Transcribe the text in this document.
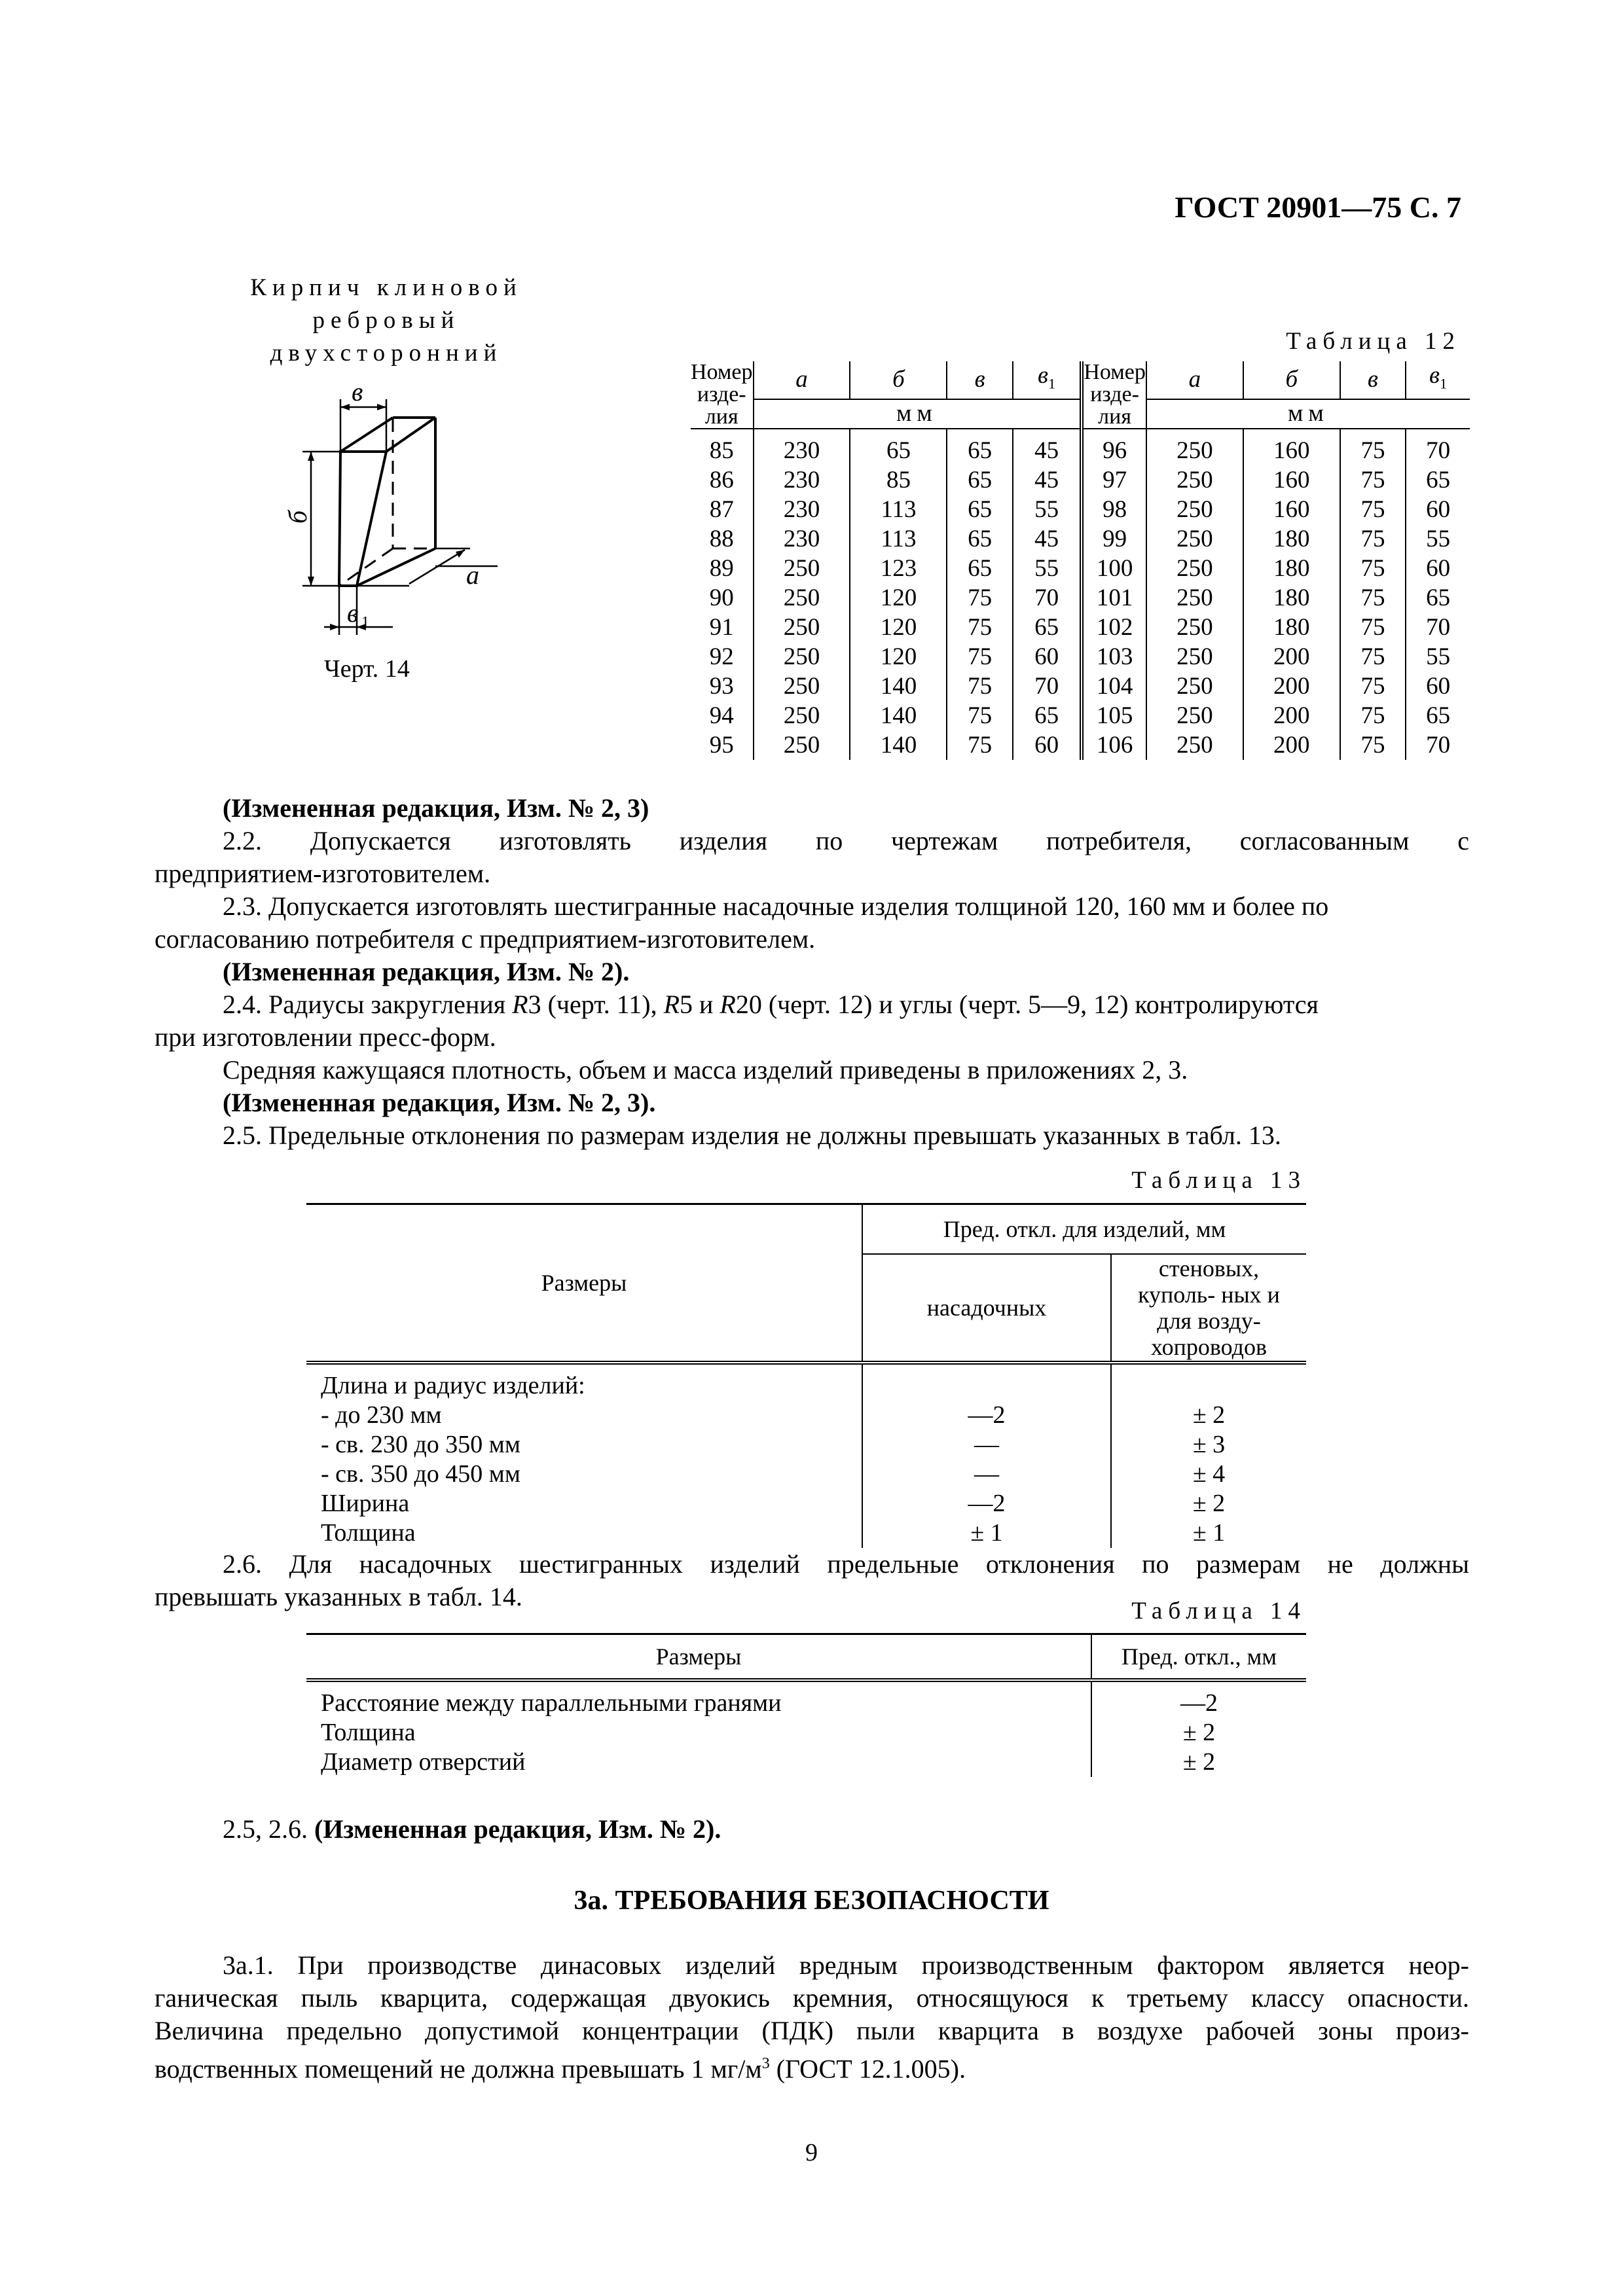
ГОСТ 20901—75 С. 7
Кирпич клиновой
ребровый
двухсторонний
в
б
в 1
а
Черт. 14
Таблица 12
Номер изде- лия	а	б	в	$в_1$	Номер изде- лия	а	б	в	$в_1$
	мм					мм			
85	230	65	65	45	96	250	160	75	70
86	230	85	65	45	97	250	160	75	65
87	230	113	65	55	98	250	160	75	60
88	230	113	65	45	99	250	180	75	55
89	250	123	65	55	100	250	180	75	60
90	250	120	75	70	101	250	180	75	65
91	250	120	75	65	102	250	180	75	70
92	250	120	75	60	103	250	200	75	55
93	250	140	75	70	104	250	200	75	60
94	250	140	75	65	105	250	200	75	65
95	250	140	75	60	106	250	200	75	70
(Измененная редакция, Изм. № 2, 3)
2.2. Допускается изготовлять изделия по чертежам потребителя, согласованным с
предприятием-изготовителем.
2.3. Допускается изготовлять шестигранные насадочные изделия толщиной 120, 160 мм и более по
согласованию потребителя с предприятием-изготовителем.
(Измененная редакция, Изм. № 2).
2.4. Радиусы закругления R3 (черт. 11), R5 и R20 (черт. 12) и углы (черт. 5—9, 12) контролируются
при изготовлении пресс-форм.
Средняя кажущаяся плотность, объем и масса изделий приведены в приложениях 2, 3.
(Измененная редакция, Изм. № 2, 3).
2.5. Предельные отклонения по размерам изделия не должны превышать указанных в табл. 13.
Таблица 13
Размеры	Пред. откл. для изделий, мм	
	насадочных	стеновых, куполь- ных и для возду- хопроводов
Длина и радиус изделий:		
- до 230 мм	—2	± 2
- св. 230 до 350 мм	—	± 3
- св. 350 до 450 мм	—	± 4
Ширина	—2	± 2
Толщина	± 1	± 1
2.6. Для насадочных шестигранных изделий предельные отклонения по размерам не должны
превышать указанных в табл. 14.	Таблица 14
Размеры	Пред. откл., мм
Расстояние между параллельными гранями	—2
Толщина	± 2
Диаметр отверстий	± 2
2.5, 2.6. (Измененная редакция, Изм. № 2).
3а. ТРЕБОВАНИЯ БЕЗОПАСНОСТИ
3а.1. При производстве динасовых изделий вредным производственным фактором является неор-
ганическая пыль кварцита, содержащая двуокись кремния, относящуюся к третьему классу опасности.
Величина предельно допустимой концентрации (ПДК) пыли кварцита в воздухе рабочей зоны произ-
водственных помещений не должна превышать 1 $мг/м^3$ (ГОСТ 12.1.005).
9
